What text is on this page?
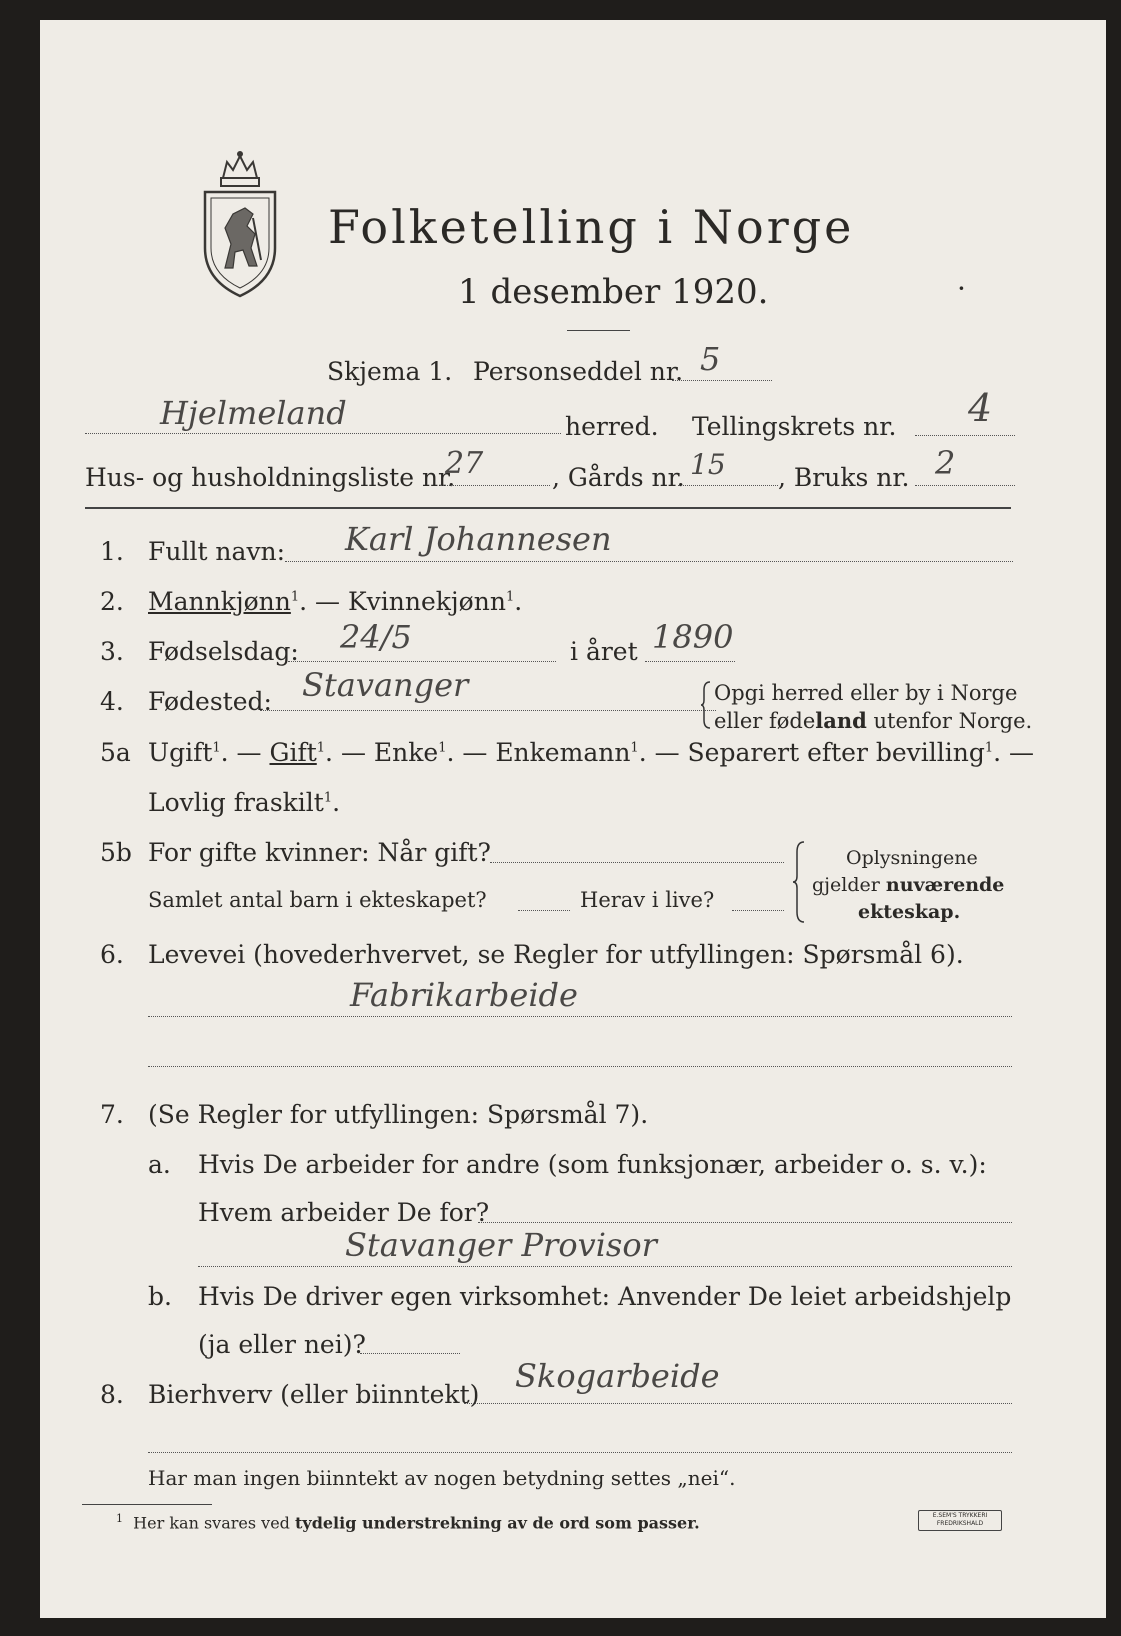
Folketelling i Norge
1 desember 1920.	·
Skjema 1. Personseddel nr. 5
Hjelmeland	herred. Tellingskrets nr. 4
Hus- og husholdningsliste nr.
27	, Gårds nr. 15 , Bruks nr. 2
1. Fullt navn: Karl Johannesen
2. Mannkjønn$^1$. — Kvinnekjønn$^1$.
3. Fødselsdag: 24/5	i året 1890
4. Fødested: Stavanger	Opgi herred eller by i Norge
eller fødeland utenfor Norge.
5a Ugift$^1$. — Gift$^1$. — Enke$^1$. — Enkemann$^1$. — Separert efter bevilling$^1$. —
Lovlig fraskilt$^1$.
5b For gifte kvinner: Når gift?
Samlet antal barn i ekteskapet?	Herav i live?
Oplysningene
gjelder nuværende
ekteskap.
6. Levevei (hovederhvervet, se Regler for utfyllingen: Spørsmål 6).
Fabrikarbeide
7. (Se Regler for utfyllingen: Spørsmål 7).
a. Hvis De arbeider for andre (som funksjonær, arbeider o. s. v.):
Hvem arbeider De for?
Stavanger Provisor
b. Hvis De driver egen virksomhet: Anvender De leiet arbeidshjelp
(ja eller nei)?
8. Bierhverv (eller biinntekt) Skogarbeide
Har man ingen biinntekt av nogen betydning settes „nei“.
$^1$ Her kan svares ved tydelig understrekning av de ord som passer.	E.SEM'S TRYKKERI
FREDRIKSHALD
